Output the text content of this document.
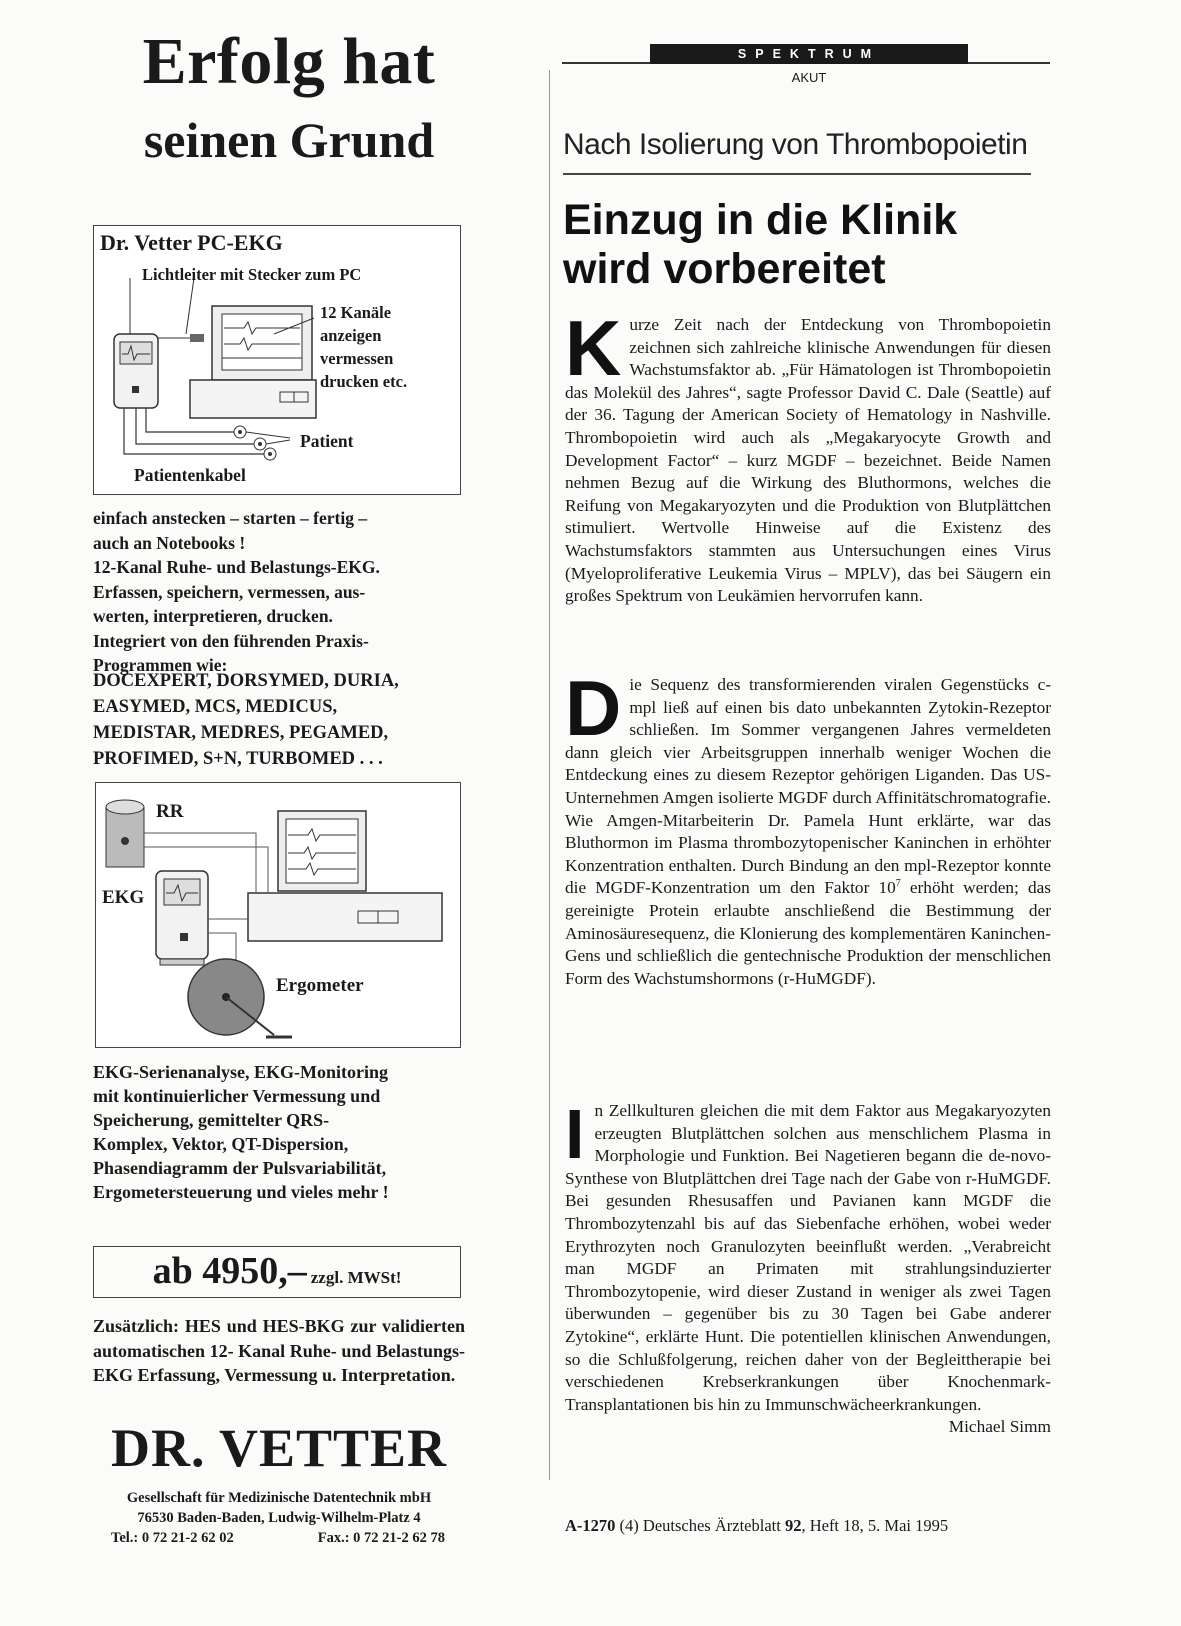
Erfolg hat
seinen Grund
Dr. Vetter PC-EKG
Lichtleiter mit Stecker zum PC
12 Kanäle
anzeigen
vermessen
drucken etc.
Patient
Patientenkabel
einfach anstecken – starten – fertig –
auch an Notebooks !
12-Kanal Ruhe- und Belastungs-EKG.
Erfassen, speichern, vermessen, aus-
werten, interpretieren, drucken.
Integriert von den führenden Praxis-
Programmen wie:
DOCEXPERT, DORSYMED, DURIA,
EASYMED, MCS, MEDICUS,
MEDISTAR, MEDRES, PEGAMED,
PROFIMED, S+N, TURBOMED . . .
RR
EKG
Ergometer
EKG-Serienanalyse, EKG-Monitoring
mit kontinuierlicher Vermessung und
Speicherung, gemittelter QRS-
Komplex, Vektor, QT-Dispersion,
Phasendiagramm der Pulsvariabilität,
Ergometersteuerung und vieles mehr !
ab 4950,– zzgl. MWSt!
Zusätzlich: HES und HES-BKG zur validierten automatischen 12- Kanal Ruhe- und Belastungs-EKG Erfassung, Vermessung u. Interpretation.
DR. VETTER
Gesellschaft für Medizinische Datentechnik mbH
76530 Baden-Baden, Ludwig-Wilhelm-Platz 4
Tel.: 0 72 21-2 62 02	Fax.: 0 72 21-2 62 78
SPEKTRUM
AKUT
Nach Isolierung von Thrombopoietin
Einzug in die Klinik
wird vorbereitet
Kurze Zeit nach der Entdeckung von Thrombopoietin zeichnen sich zahlreiche klinische Anwendungen für diesen Wachstumsfaktor ab. „Für Hämatologen ist Thrombopoietin das Molekül des Jahres“, sagte Professor David C. Dale (Seattle) auf der 36. Tagung der American Society of Hematology in Nashville. Thrombopoietin wird auch als „Megakaryocyte Growth and Development Factor“ – kurz MGDF – bezeichnet. Beide Namen nehmen Bezug auf die Wirkung des Bluthormons, welches die Reifung von Megakaryozyten und die Produktion von Blutplättchen stimuliert. Wertvolle Hinweise auf die Existenz des Wachstumsfaktors stammten aus Untersuchungen eines Virus (Myeloproliferative Leukemia Virus – MPLV), das bei Säugern ein großes Spektrum von Leukämien hervorrufen kann.
Die Sequenz des transformierenden viralen Gegenstücks c-mpl ließ auf einen bis dato unbekannten Zytokin-Rezeptor schließen. Im Sommer vergangenen Jahres vermeldeten dann gleich vier Arbeitsgruppen innerhalb weniger Wochen die Entdeckung eines zu diesem Rezeptor gehörigen Liganden. Das US-Unternehmen Amgen isolierte MGDF durch Affinitätschromatografie. Wie Amgen-Mitarbeiterin Dr. Pamela Hunt erklärte, war das Bluthormon im Plasma thrombozytopenischer Kaninchen in erhöhter Konzentration enthalten. Durch Bindung an den mpl-Rezeptor konnte die MGDF-Konzentration um den Faktor $10^7$ erhöht werden; das gereinigte Protein erlaubte anschließend die Bestimmung der Aminosäuresequenz, die Klonierung des komplementären Kaninchen-Gens und schließlich die gentechnische Produktion der menschlichen Form des Wachstumshormons (r-HuMGDF).
In Zellkulturen gleichen die mit dem Faktor aus Megakaryozyten erzeugten Blutplättchen solchen aus menschlichem Plasma in Morphologie und Funktion. Bei Nagetieren begann die de-novo-Synthese von Blutplättchen drei Tage nach der Gabe von r-HuMGDF. Bei gesunden Rhesusaffen und Pavianen kann MGDF die Thrombozytenzahl bis auf das Siebenfache erhöhen, wobei weder Erythrozyten noch Granulozyten beeinflußt werden. „Verabreicht man MGDF an Primaten mit strahlungsinduzierter Thrombozytopenie, wird dieser Zustand in weniger als zwei Tagen überwunden – gegenüber bis zu 30 Tagen bei Gabe anderer Zytokine“, erklärte Hunt. Die potentiellen klinischen Anwendungen, so die Schlußfolgerung, reichen daher von der Begleittherapie bei verschiedenen Krebserkrankungen über Knochenmark-Transplantationen bis hin zu Immunschwächeerkrankungen.
Michael Simm
A-1270 (4) Deutsches Ärzteblatt 92, Heft 18, 5. Mai 1995
